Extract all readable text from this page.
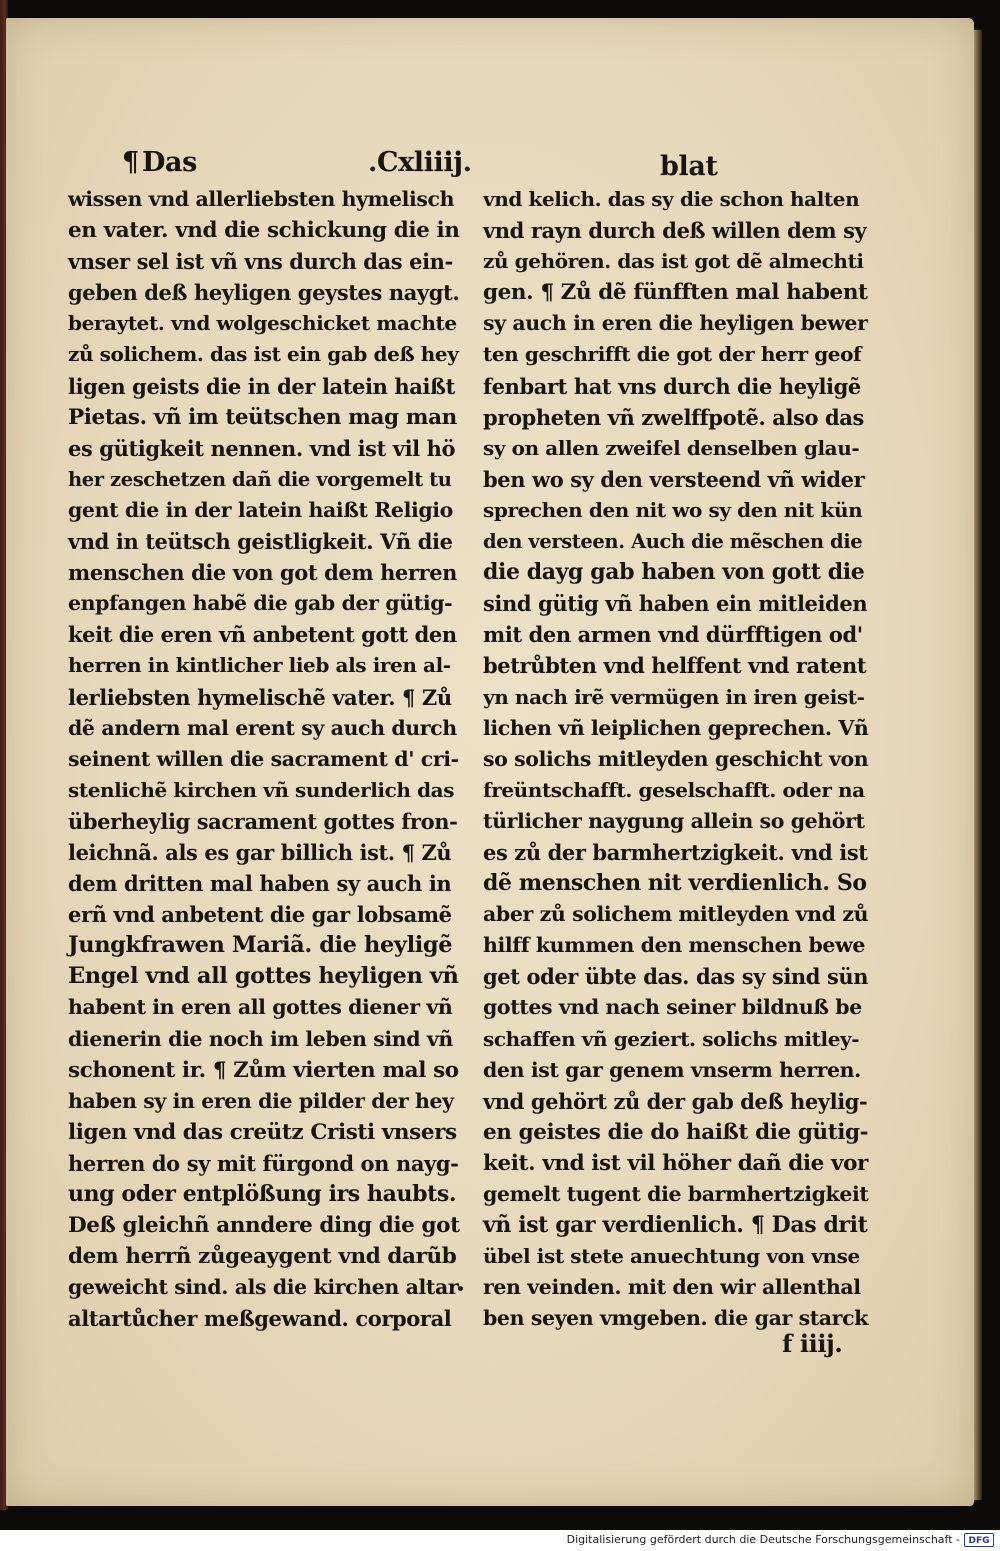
¶ Das	.Cxliiij.	blat
wissen vnd allerliebsten hymelisch
en vater. vnd die schickung die in
vnser sel ist vñ vns durch das ein-
geben deß heyligen geystes naygt.
beraytet. vnd wolgeschicket machte
zů solichem. das ist ein gab deß hey
ligen geists die in der latein haißt
Pietas. vñ im teütschen mag man
es gütigkeit nennen. vnd ist vil hö
her zeschetzen dañ die vorgemelt tu
gent die in der latein haißt Religio
vnd in teütsch geistligkeit. Vñ die
menschen die von got dem herren
enpfangen habẽ die gab der gütig-
keit die eren vñ anbetent gott den
herren in kintlicher lieb als iren al-
lerliebsten hymelischẽ vater. ¶ Zů
dẽ andern mal erent sy auch durch
seinent willen die sacrament d' cri-
stenlichẽ kirchen vñ sunderlich das
überheylig sacrament gottes fron-
leichnã. als es gar billich ist. ¶ Zů
dem dritten mal haben sy auch in
erñ vnd anbetent die gar lobsamẽ
Jungkfrawen Mariã. die heyligẽ
Engel vnd all gottes heyligen vñ
habent in eren all gottes diener vñ
dienerin die noch im leben sind vñ
schonent ir. ¶ Zům vierten mal so
haben sy in eren die pilder der hey
ligen vnd das creütz Cristi vnsers
herren do sy mit fürgond on nayg-
ung oder entplößung irs haubts.
Deß gleichñ anndere ding die got
dem herrñ zůgeaygent vnd darũb
geweicht sind. als die kirchen altar
altartůcher meßgewand. corporal
vnd kelich. das sy die schon halten
vnd rayn durch deß willen dem sy
zů gehören. das ist got dẽ almechti
gen. ¶ Zů dẽ fünfften mal habent
sy auch in eren die heyligen bewer
ten geschrifft die got der herr geof
fenbart hat vns durch die heyligẽ
propheten vñ zwelffpotẽ. also das
sy on allen zweifel denselben glau-
ben wo sy den versteend vñ wider
sprechen den nit wo sy den nit kün
den versteen. Auch die mẽschen die
die dayg gab haben von gott die
sind gütig vñ haben ein mitleiden
mit den armen vnd dürfftigen od'
betrůbten vnd helffent vnd ratent
yn nach irẽ vermügen in iren geist-
lichen vñ leiplichen geprechen. Vñ
so solichs mitleyden geschicht von
freüntschafft. geselschafft. oder na
türlicher naygung allein so gehört
es zů der barmhertzigkeit. vnd ist
dẽ menschen nit verdienlich. So
aber zů solichem mitleyden vnd zů
hilff kummen den menschen bewe
get oder übte das. das sy sind sün
gottes vnd nach seiner bildnuß be
schaffen vñ geziert. solichs mitley-
den ist gar genem vnserm herren.
vnd gehört zů der gab deß heylig-
en geistes die do haißt die gütig-
keit. vnd ist vil höher dañ die vor
gemelt tugent die barmhertzigkeit
vñ ist gar verdienlich. ¶ Das drit
übel ist stete anuechtung von vnse
ren veinden. mit den wir allenthal
ben seyen vmgeben. die gar starck
f iiij.
Digitalisierung gefördert durch die Deutsche Forschungsgemeinschaft - DFG
